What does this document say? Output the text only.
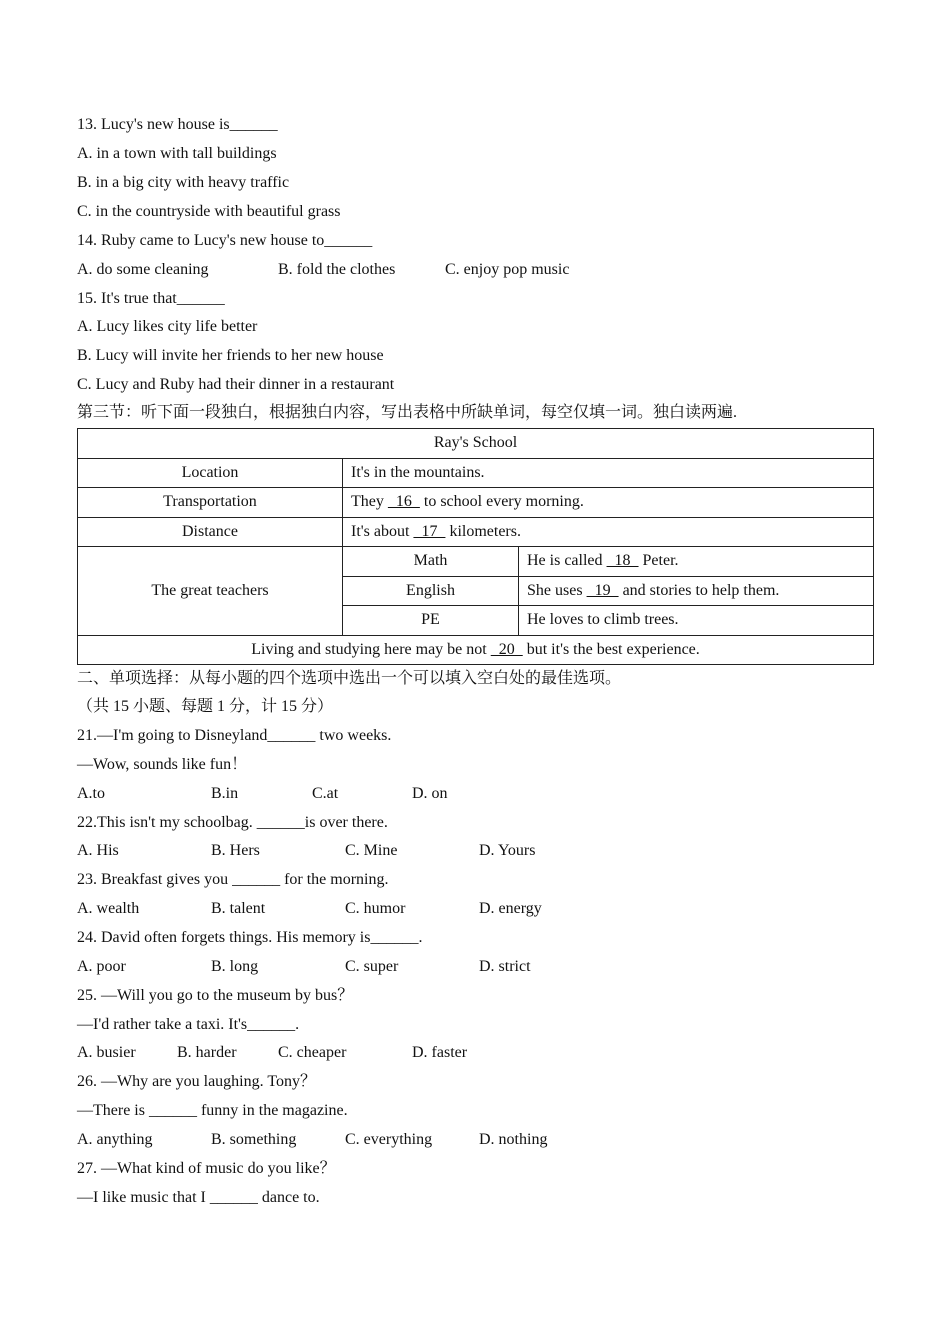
13. Lucy's new house is______
A. in a town with tall buildings
B. in a big city with heavy traffic
C. in the countryside with beautiful grass
14. Ruby came to Lucy's new house to______
A. do some cleaning	B. fold the clothes	C. enjoy pop music
15. It's true that______
A. Lucy likes city life better
B. Lucy will invite her friends to her new house
C. Lucy and Ruby had their dinner in a restaurant
第三节：听下面一段独白，根据独白内容，写出表格中所缺单词，每空仅填一词。独白读两遍.
Ray's School		
Location	It's in the mountains.	
Transportation	They   16   to school every morning.	
Distance	It's about   17   kilometers.	
The great teachers	Math	He is called   18   Peter.
	English	She uses   19   and stories to help them.
	PE	He loves to climb trees.
Living and studying here may be not   20   but it's the best experience.		
二、单项选择：从每小题的四个选项中选出一个可以填入空白处的最佳选项。
（共 15 小题、每题 1 分，计 15 分）
21.—I'm going to Disneyland______ two weeks.
—Wow, sounds like fun！
A.to	B.in	C.at	D. on
22.This isn't my schoolbag. ______is over there.
A. His	B. Hers	C. Mine	D. Yours
23. Breakfast gives you ______ for the morning.
A. wealth	B. talent	C. humor	D. energy
24. David often forgets things. His memory is______.
A. poor	B. long	C. super	D. strict
25. —Will you go to the museum by bus？
—I'd rather take a taxi. It's______.
A. busier	B. harder	C. cheaper	D. faster
26. —Why are you laughing. Tony？
—There is ______ funny in the magazine.
A. anything	B. something	C. everything	D. nothing
27. —What kind of music do you like？
—I like music that I ______ dance to.
